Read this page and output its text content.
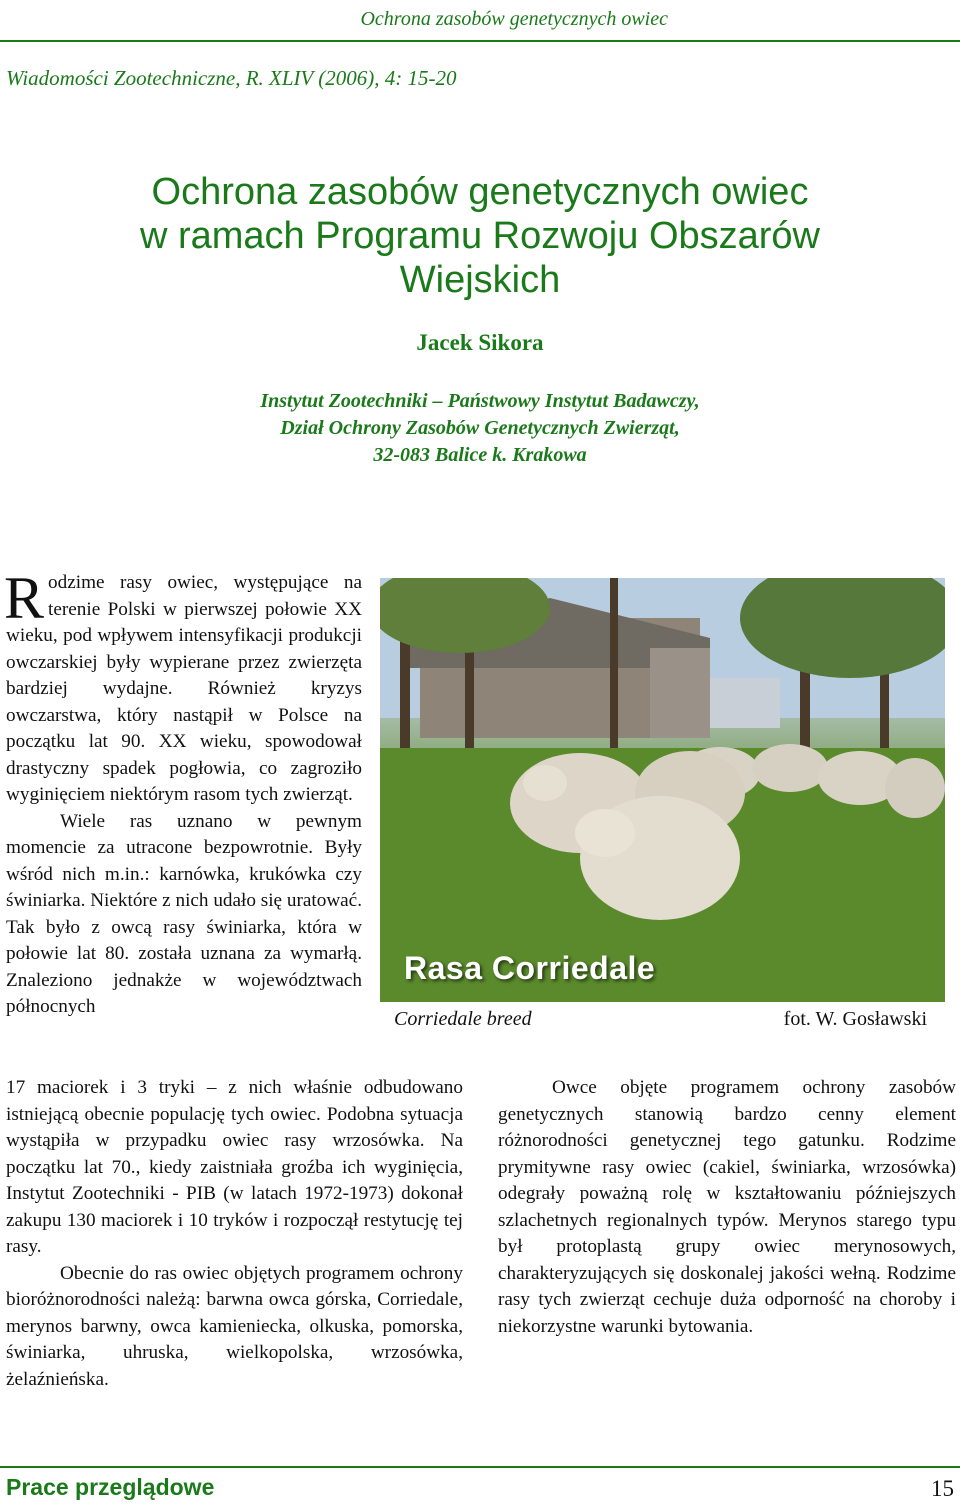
Ochrona zasobów genetycznych owiec
Wiadomości Zootechniczne, R. XLIV (2006), 4: 15-20
Ochrona zasobów genetycznych owiec
w ramach Programu Rozwoju Obszarów
Wiejskich
Jacek Sikora
Instytut Zootechniki – Państwowy Instytut Badawczy,
Dział Ochrony Zasobów Genetycznych Zwierząt,
32-083 Balice k. Krakowa

Rodzime rasy owiec, występujące na terenie Polski w pierwszej połowie XX wieku, pod wpływem intensyfikacji produkcji owczarskiej były wypierane przez zwierzęta bardziej wydajne. Również kryzys owczarstwa, który nastąpił w Polsce na początku lat 90. XX wieku, spowodował drastyczny spadek pogłowia, co zagroziło wyginięciem niektórym rasom tych zwierząt.

Wiele ras uznano w pewnym momencie za utracone bezpowrotnie. Były wśród nich m.in.: karnówka, krukówka czy świniarka. Niektóre z nich udało się uratować. Tak było z owcą rasy świniarka, która w połowie lat 80. została uznana za wymarłą. Znaleziono jednakże w województwach północnych

Rasa Corriedale
Corriedale breed	fot. W. Gosławski

17 maciorek i 3 tryki – z nich właśnie odbudowano istniejącą obecnie populację tych owiec. Podobna sytuacja wystąpiła w przypadku owiec rasy wrzosówka. Na początku lat 70., kiedy zaistniała groźba ich wyginięcia, Instytut Zootechniki - PIB (w latach 1972-1973) dokonał zakupu 130 maciorek i 10 tryków i rozpoczął restytucję tej rasy.

Obecnie do ras owiec objętych programem ochrony bioróżnorodności należą: barwna owca górska, Corriedale, merynos barwny, owca kamieniecka, olkuska, pomorska, świniarka, uhruska, wielkopolska, wrzosówka, żelaźnieńska.

Owce objęte programem ochrony zasobów genetycznych stanowią bardzo cenny element różnorodności genetycznej tego gatunku. Rodzime prymitywne rasy owiec (cakiel, świniarka, wrzosówka) odegrały poważną rolę w kształtowaniu późniejszych szlachetnych regionalnych typów. Merynos starego typu był protoplastą grupy owiec merynosowych, charakteryzujących się doskonalej jakości wełną. Rodzime rasy tych zwierząt cechuje duża odporność na choroby i niekorzystne warunki bytowania.

Prace przeglądowe	15
